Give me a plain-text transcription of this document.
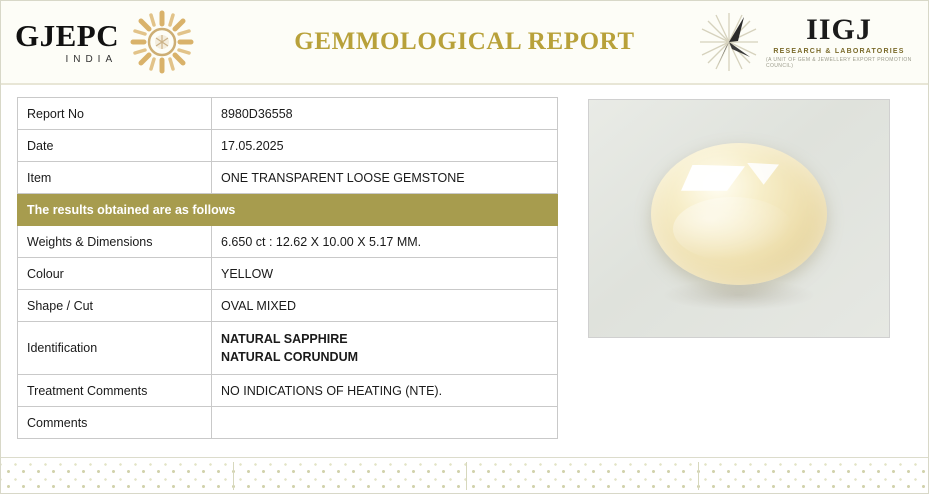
GJEPC
INDIA
GEMMOLOGICAL REPORT	IIGJ
RESEARCH & LABORATORIES
(A UNIT OF GEM & JEWELLERY EXPORT PROMOTION COUNCIL)
Report No	8980D36558
Date	17.05.2025
Item	ONE TRANSPARENT LOOSE GEMSTONE
The results obtained are as follows	
Weights & Dimensions	6.650 ct : 12.62 X 10.00 X 5.17 MM.
Colour	YELLOW
Shape / Cut	OVAL MIXED
Identification	NATURAL SAPPHIRE
NATURAL CORUNDUM

Treatment Comments	NO INDICATIONS OF HEATING (NTE).
Comments	
